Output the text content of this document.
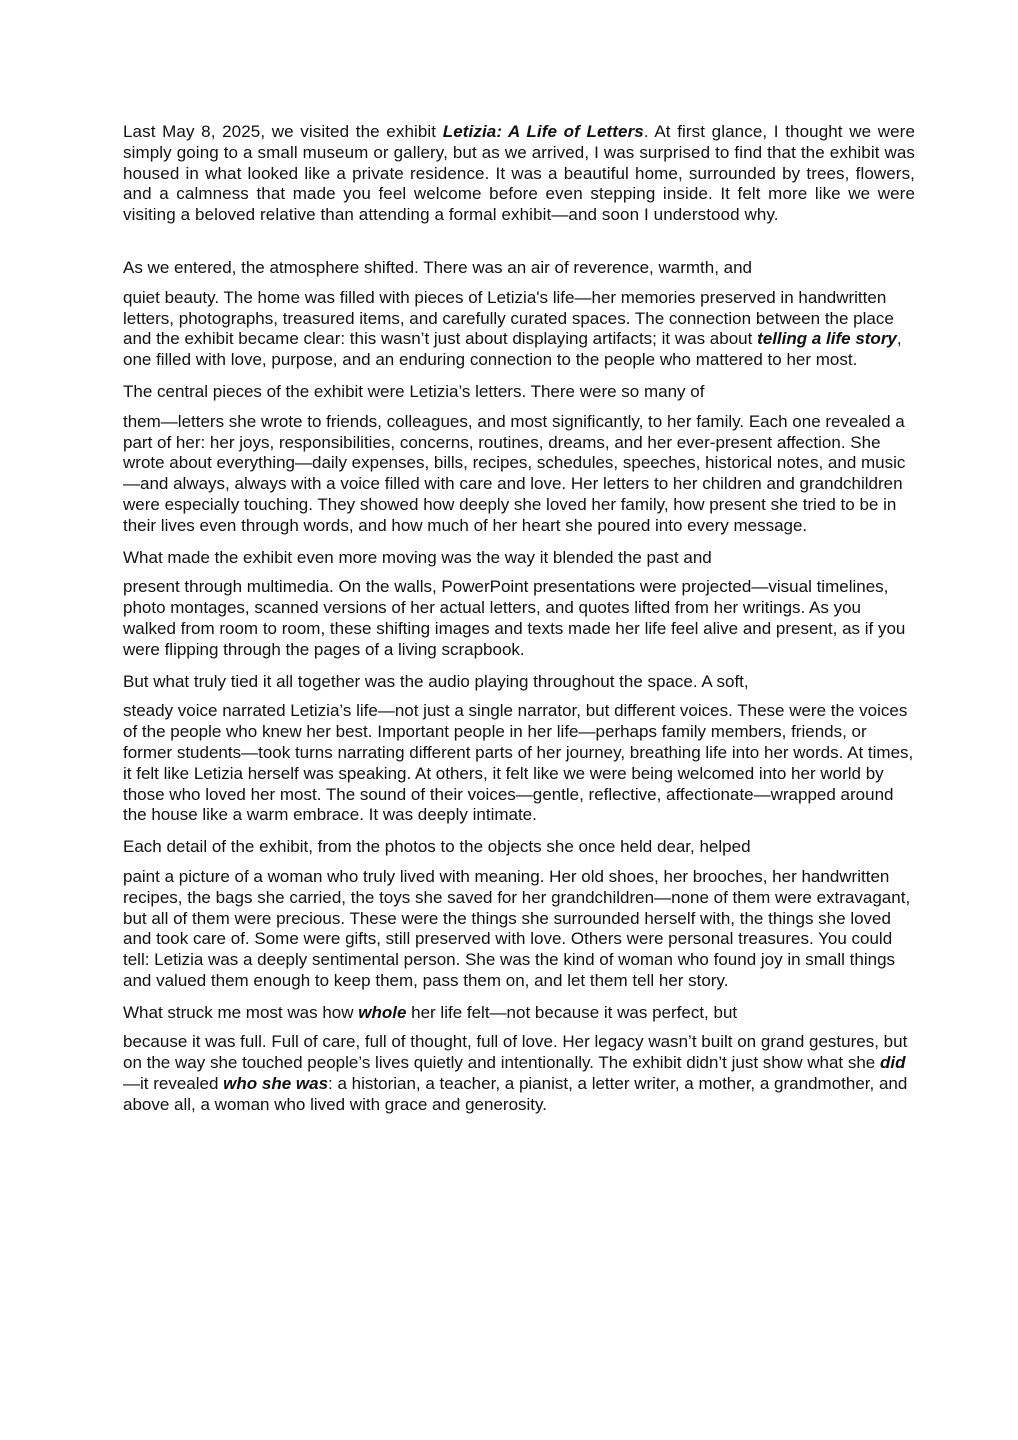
Last May 8, 2025, we visited the exhibit Letizia: A Life of Letters. At first glance, I thought we were simply going to a small museum or gallery, but as we arrived, I was surprised to find that the exhibit was housed in what looked like a private residence. It was a beautiful home, surrounded by trees, flowers, and a calmness that made you feel welcome before even stepping inside. It felt more like we were visiting a beloved relative than attending a formal exhibit—and soon I understood why.

As we entered, the atmosphere shifted. There was an air of reverence, warmth, and
quiet beauty. The home was filled with pieces of Letizia's life—her memories preserved in handwritten letters, photographs, treasured items, and carefully curated spaces. The connection between the place and the exhibit became clear: this wasn’t just about displaying artifacts; it was about telling a life story, one filled with love, purpose, and an enduring connection to the people who mattered to her most.
The central pieces of the exhibit were Letizia’s letters. There were so many of
them—letters she wrote to friends, colleagues, and most significantly, to her family. Each one revealed a part of her: her joys, responsibilities, concerns, routines, dreams, and her ever-present affection. She wrote about everything—daily expenses, bills, recipes, schedules, speeches, historical notes, and music—and always, always with a voice filled with care and love. Her letters to her children and grandchildren were especially touching. They showed how deeply she loved her family, how present she tried to be in their lives even through words, and how much of her heart she poured into every message.
What made the exhibit even more moving was the way it blended the past and
present through multimedia. On the walls, PowerPoint presentations were projected—visual timelines, photo montages, scanned versions of her actual letters, and quotes lifted from her writings. As you walked from room to room, these shifting images and texts made her life feel alive and present, as if you were flipping through the pages of a living scrapbook.
But what truly tied it all together was the audio playing throughout the space. A soft,
steady voice narrated Letizia’s life—not just a single narrator, but different voices. These were the voices of the people who knew her best. Important people in her life—perhaps family members, friends, or former students—took turns narrating different parts of her journey, breathing life into her words. At times, it felt like Letizia herself was speaking. At others, it felt like we were being welcomed into her world by those who loved her most. The sound of their voices—gentle, reflective, affectionate—wrapped around the house like a warm embrace. It was deeply intimate.
Each detail of the exhibit, from the photos to the objects she once held dear, helped
paint a picture of a woman who truly lived with meaning. Her old shoes, her brooches, her handwritten recipes, the bags she carried, the toys she saved for her grandchildren—none of them were extravagant, but all of them were precious. These were the things she surrounded herself with, the things she loved and took care of. Some were gifts, still preserved with love. Others were personal treasures. You could tell: Letizia was a deeply sentimental person. She was the kind of woman who found joy in small things and valued them enough to keep them, pass them on, and let them tell her story.
What struck me most was how whole her life felt—not because it was perfect, but
because it was full. Full of care, full of thought, full of love. Her legacy wasn’t built on grand gestures, but on the way she touched people’s lives quietly and intentionally. The exhibit didn’t just show what she did—it revealed who she was: a historian, a teacher, a pianist, a letter writer, a mother, a grandmother, and above all, a woman who lived with grace and generosity.
